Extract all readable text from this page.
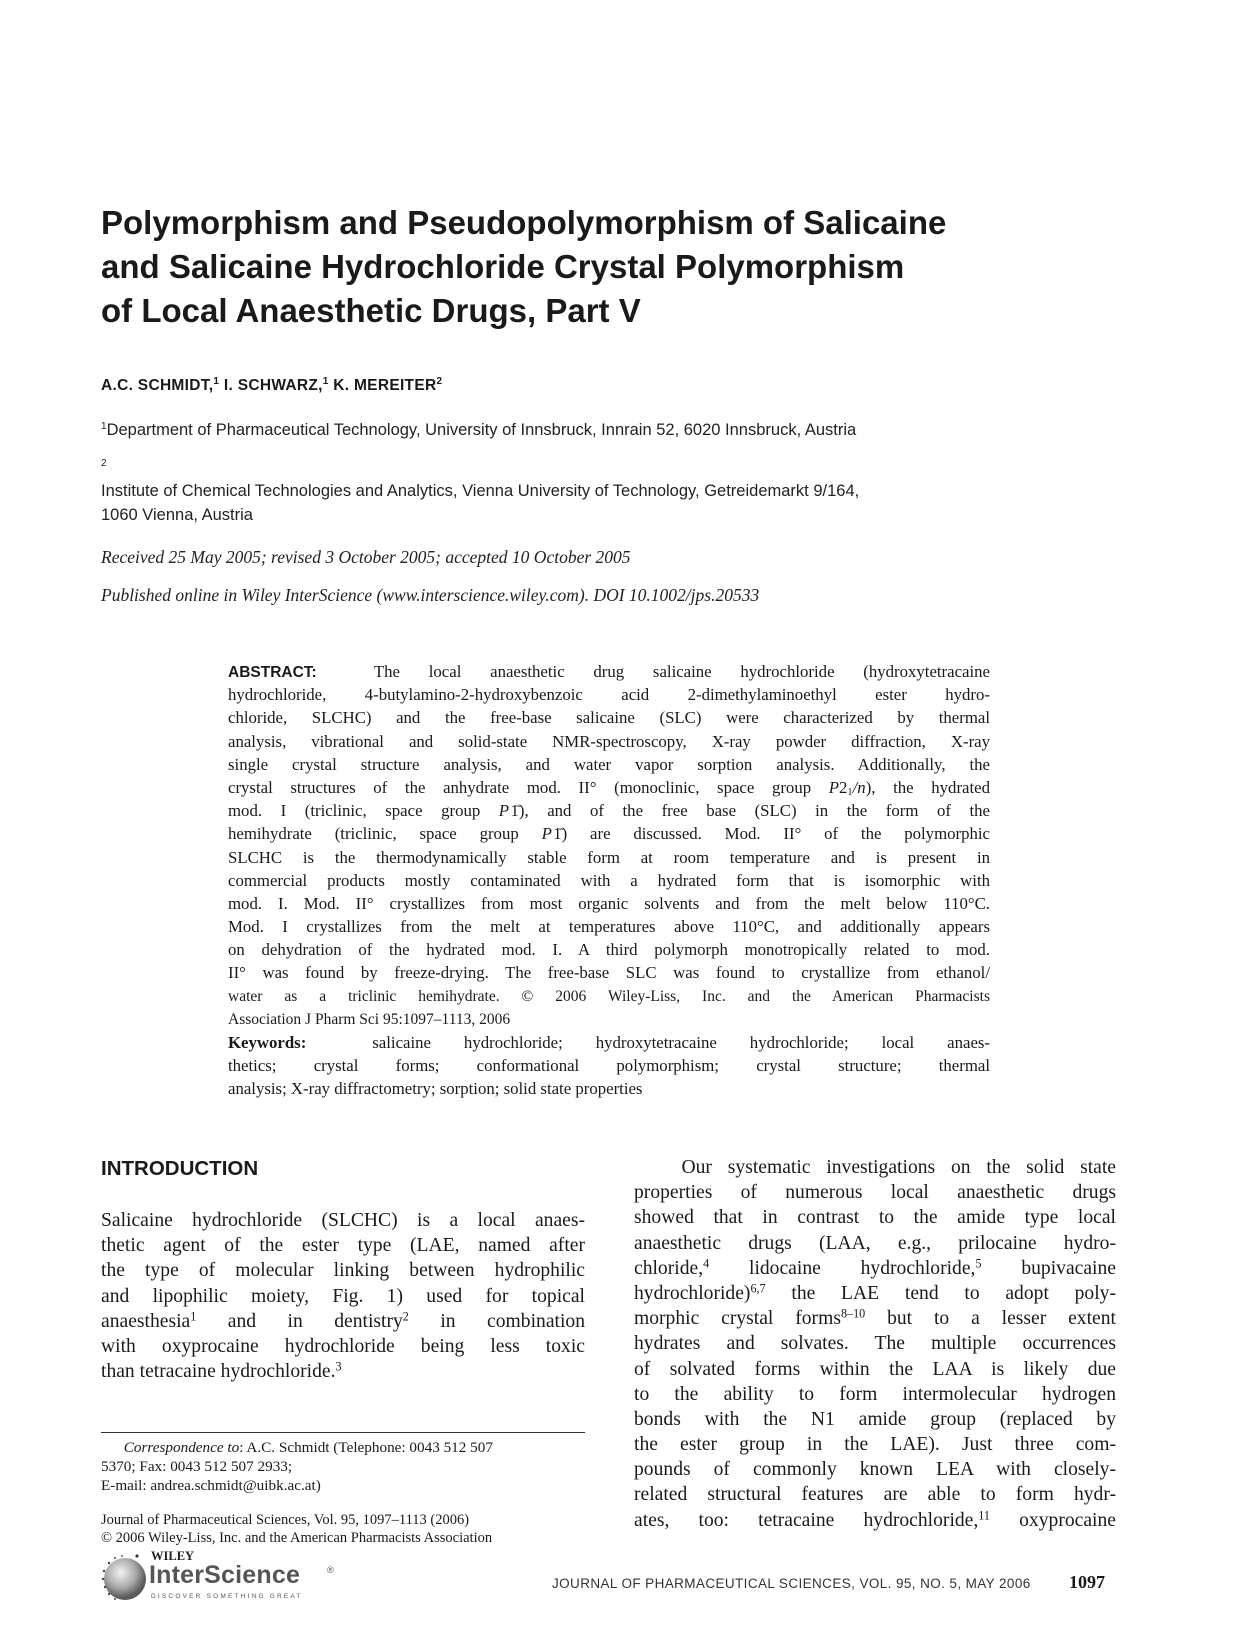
Polymorphism and Pseudopolymorphism of Salicaine
and Salicaine Hydrochloride Crystal Polymorphism
of Local Anaesthetic Drugs, Part V
A.C. SCHMIDT,$^1$ I. SCHWARZ,$^1$ K. MEREITER$^2$
$^1$Department of Pharmaceutical Technology, University of Innsbruck, Innrain 52, 6020 Innsbruck, Austria
$^2$
Institute of Chemical Technologies and Analytics, Vienna University of Technology, Getreidemarkt 9/164,
1060 Vienna, Austria
Received 25 May 2005; revised 3 October 2005; accepted 10 October 2005
Published online in Wiley InterScience (www.interscience.wiley.com). DOI 10.1002/jps.20533
ABSTRACT:	The local anaesthetic drug salicaine hydrochloride (hydroxytetracaine
hydrochloride, 4-butylamino-2-hydroxybenzoic acid 2-dimethylaminoethyl ester hydro-
chloride, SLCHC) and the free-base salicaine (SLC) were characterized by thermal
analysis, vibrational and solid-state NMR-spectroscopy, X-ray powder diffraction, X-ray
single crystal structure analysis, and water vapor sorption analysis. Additionally, the
crystal structures of the anhydrate mod. II° (monoclinic, space group $P2_1/n$), the hydrated
mod. I (triclinic, space group P 1̄), and of the free base (SLC) in the form of the
hemihydrate (triclinic, space group P 1̄) are discussed. Mod. II° of the polymorphic
SLCHC is the thermodynamically stable form at room temperature and is present in
commercial products mostly contaminated with a hydrated form that is isomorphic with
mod. I. Mod. II° crystallizes from most organic solvents and from the melt below 110°C.
Mod. I crystallizes from the melt at temperatures above 110°C, and additionally appears
on dehydration of the hydrated mod. I. A third polymorph monotropically related to mod.
II° was found by freeze-drying. The free-base SLC was found to crystallize from ethanol/
water as a triclinic hemihydrate. © 2006 Wiley-Liss, Inc. and the American Pharmacists
Association J Pharm Sci 95:1097–1113, 2006
Keywords:	salicaine hydrochloride; hydroxytetracaine hydrochloride; local anaes-
thetics; crystal forms; conformational polymorphism; crystal structure; thermal
analysis; X-ray diffractometry; sorption; solid state properties
INTRODUCTION
Salicaine hydrochloride (SLCHC) is a local anaes-
thetic agent of the ester type (LAE, named after
the type of molecular linking between hydrophilic
and lipophilic moiety, Fig. 1) used for topical
anaesthesia$^1$ and in dentistry$^2$ in combination
with oxyprocaine hydrochloride being less toxic
than tetracaine hydrochloride.$^3$
Our systematic investigations on the solid state
properties of numerous local anaesthetic drugs
showed that in contrast to the amide type local
anaesthetic drugs (LAA, e.g., prilocaine hydro-
chloride,$^4$ lidocaine hydrochloride,$^5$ bupivacaine
hydrochloride)$^{6,7}$ the LAE tend to adopt poly-
morphic crystal forms$^{8-10}$ but to a lesser extent
hydrates and solvates. The multiple occurrences
of solvated forms within the LAA is likely due
to the ability to form intermolecular hydrogen
bonds with the N1 amide group (replaced by
the ester group in the LAE). Just three com-
pounds of commonly known LEA with closely-
related structural features are able to form hydr-
ates, too: tetracaine hydrochloride,$^{11}$ oxyprocaine
Correspondence to: A.C. Schmidt (Telephone: 0043 512 507
5370; Fax: 0043 512 507 2933;
E-mail: andrea.schmidt@uibk.ac.at)
Journal of Pharmaceutical Sciences, Vol. 95, 1097–1113 (2006)
© 2006 Wiley-Liss, Inc. and the American Pharmacists Association
WILEY
InterScience	®
DISCOVER SOMETHING GREAT
JOURNAL OF PHARMACEUTICAL SCIENCES, VOL. 95, NO. 5, MAY 2006 1097
